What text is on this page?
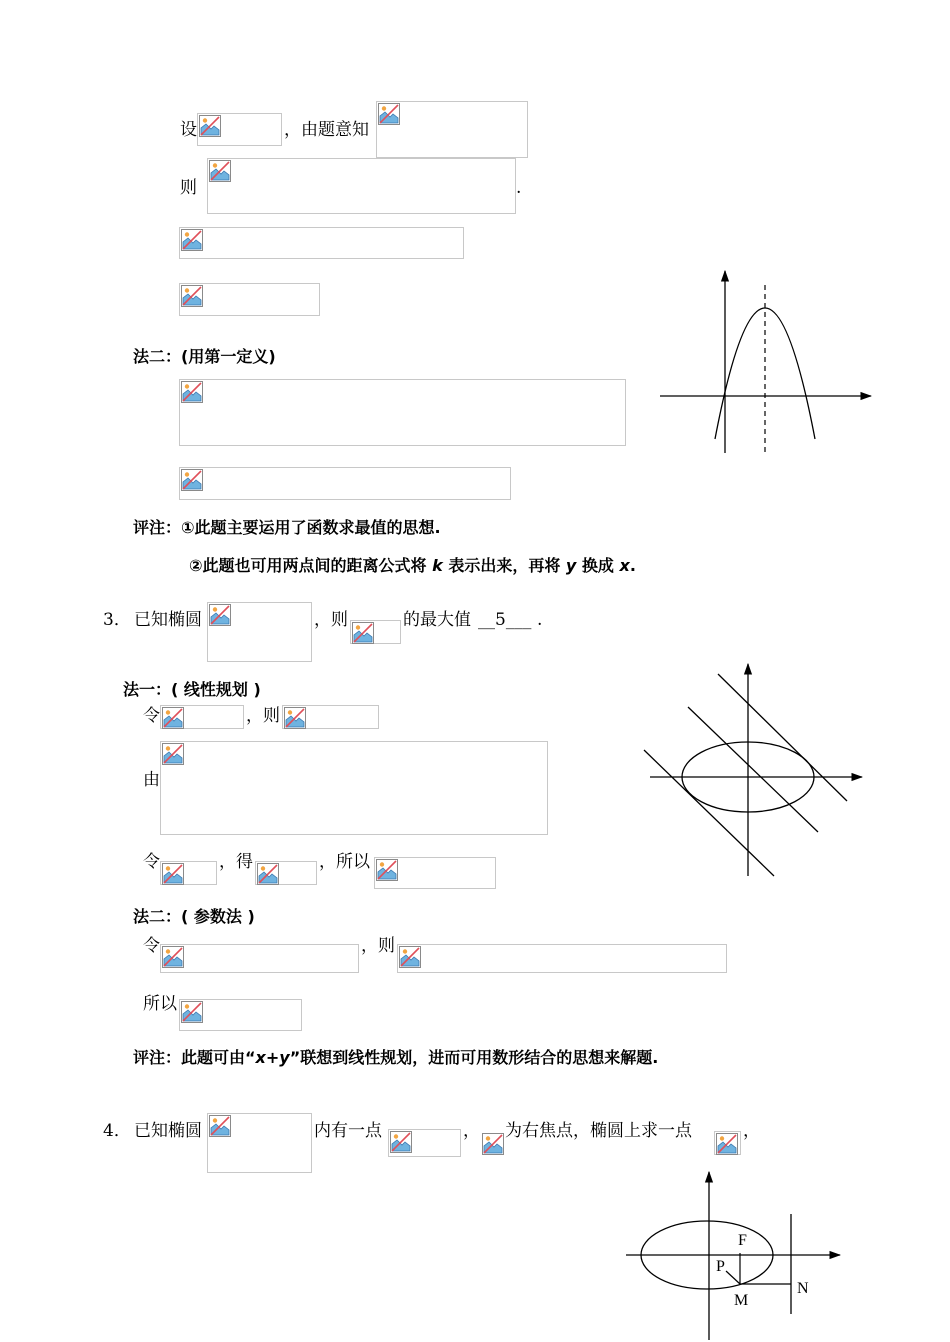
设	，由题意知
则	.
法二：(用第一定义)
评注：①此题主要运用了函数求最值的思想.
②此题也可用两点间的距离公式将 k 表示出来，再将 y 换成 x.
3． 已知椭圆	，则	的最大值 __5___ .
法一：( 线性规划 )
令	，则
由
令	，得	，所以
法二：( 参数法 )
令	，则
所以
评注：此题可由“x+y”联想到线性规划，进而可用数形结合的思想来解题.
4． 已知椭圆	内有一点	， 为右焦点，椭圆上求一点	，
F
P
M
N
